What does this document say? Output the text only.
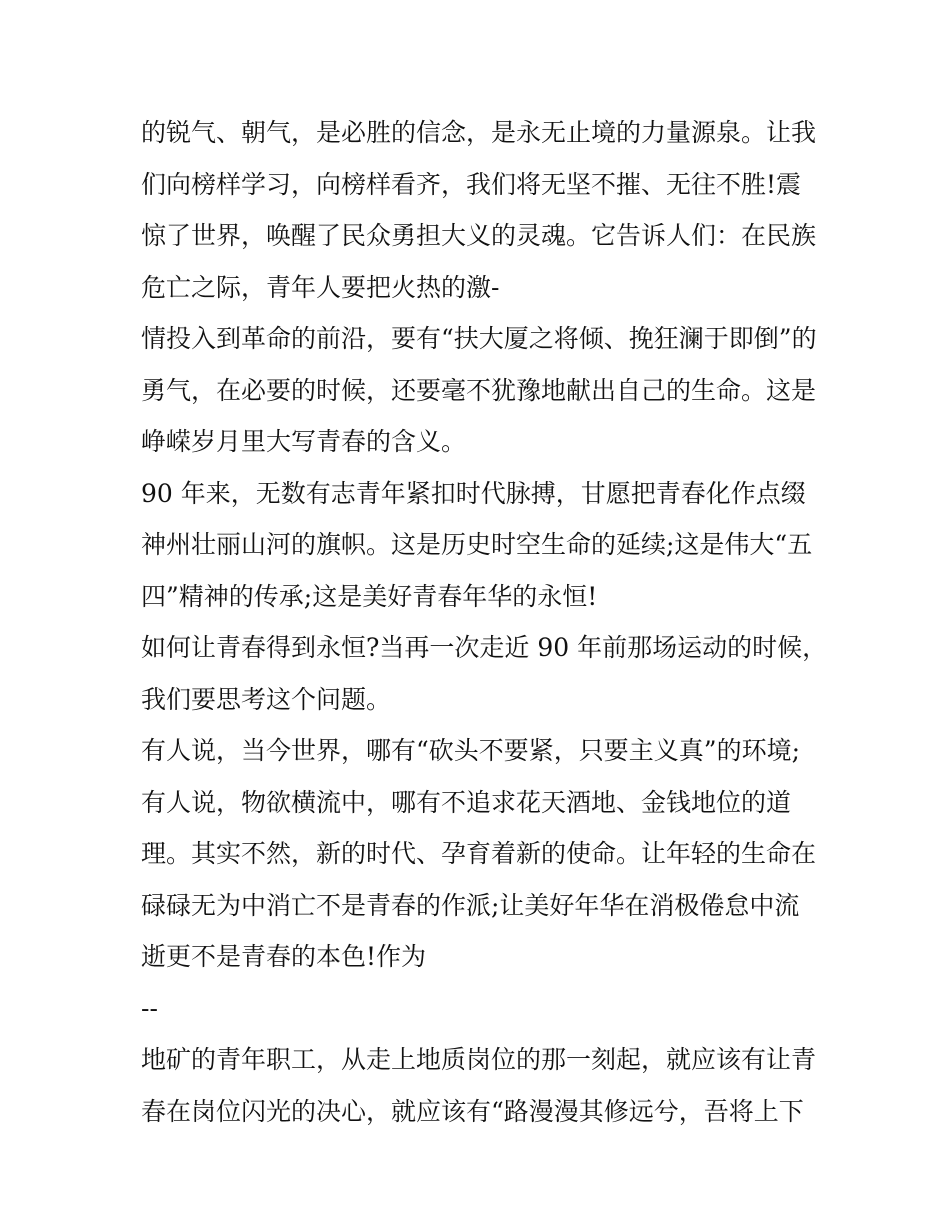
的锐气、朝气，是必胜的信念，是永无止境的力量源泉。让我
们向榜样学习，向榜样看齐，我们将无坚不摧、无往不胜!震
惊了世界，唤醒了民众勇担大义的灵魂。它告诉人们：在民族
危亡之际，青年人要把火热的激-
情投入到革命的前沿，要有“扶大厦之将倾、挽狂澜于即倒”的
勇气，在必要的时候，还要毫不犹豫地献出自己的生命。这是
峥嵘岁月里大写青春的含义。
90 年来，无数有志青年紧扣时代脉搏，甘愿把青春化作点缀
神州壮丽山河的旗帜。这是历史时空生命的延续;这是伟大“五
四”精神的传承;这是美好青春年华的永恒!
如何让青春得到永恒?当再一次走近 90 年前那场运动的时候，
我们要思考这个问题。
有人说，当今世界，哪有“砍头不要紧，只要主义真”的环境;
有人说，物欲横流中，哪有不追求花天酒地、金钱地位的道
理。其实不然，新的时代、孕育着新的使命。让年轻的生命在
碌碌无为中消亡不是青春的作派;让美好年华在消极倦怠中流
逝更不是青春的本色!作为
--
地矿的青年职工，从走上地质岗位的那一刻起，就应该有让青
春在岗位闪光的决心，就应该有“路漫漫其修远兮，吾将上下
